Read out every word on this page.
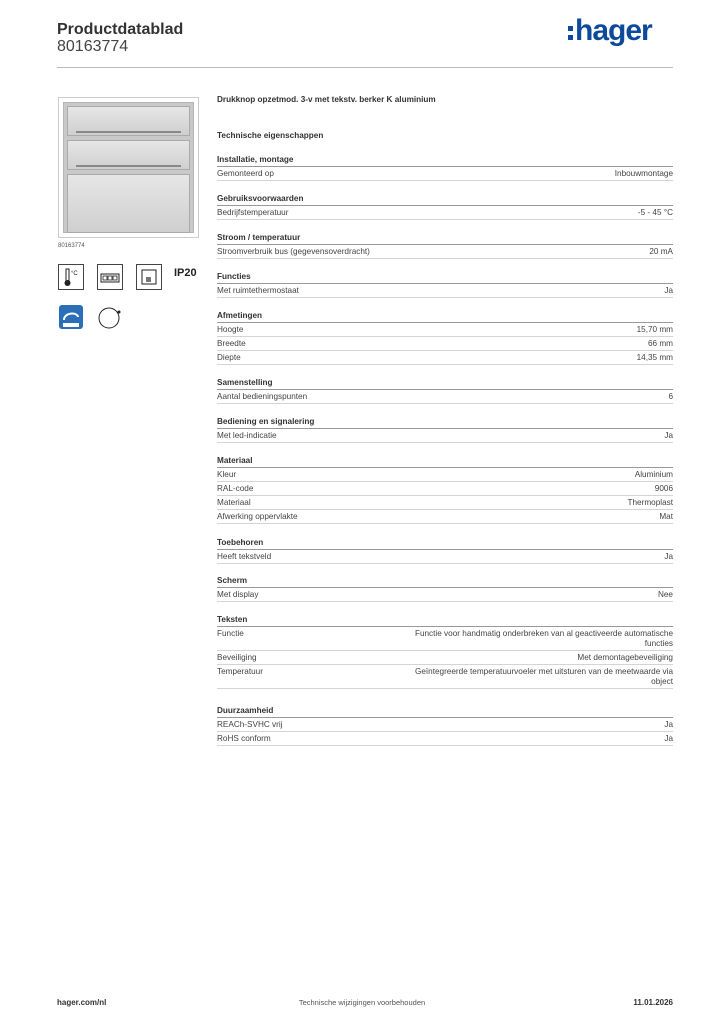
Productdatablad
80163774	hager
80163774
°C	IP20
Drukknop opzetmod. 3-v met tekstv. berker K aluminium
Technische eigenschappen
Installatie, montage
Gemonteerd op	Inbouwmontage
Gebruiksvoorwaarden
Bedrijfstemperatuur	-5 - 45 °C
Stroom / temperatuur
Stroomverbruik bus (gegevensoverdracht)	20 mA
Functies
Met ruimtethermostaat	Ja
Afmetingen
Hoogte	15,70 mm
Breedte	66 mm
Diepte	14,35 mm
Samenstelling
Aantal bedieningspunten	6
Bediening en signalering
Met led-indicatie	Ja
Materiaal
Kleur	Aluminium
RAL-code	9006
Materiaal	Thermoplast
Afwerking oppervlakte	Mat
Toebehoren
Heeft tekstveld	Ja
Scherm
Met display	Nee
Teksten
Functie	Functie voor handmatig onderbreken van al geactiveerde automatische functies
Beveiliging	Met demontagebeveiliging
Temperatuur	Geïntegreerde temperatuurvoeler met uitsturen van de meetwaarde via object
Duurzaamheid
REACh-SVHC vrij	Ja
RoHS conform	Ja
hager.com/nl	Technische wijzigingen voorbehouden	11.01.2026
